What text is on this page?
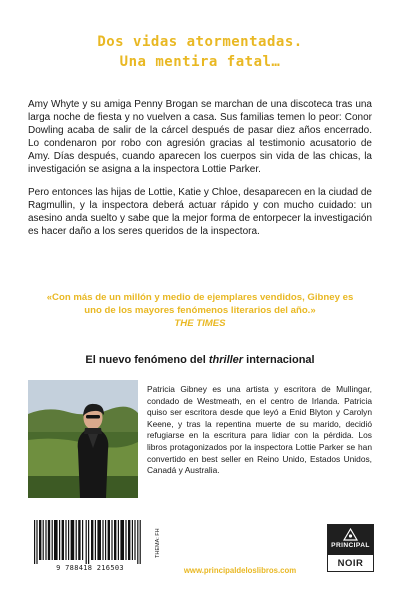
Dos vidas atormentadas.
Una mentira fatal…

Amy Whyte y su amiga Penny Brogan se marchan de una discoteca tras una larga noche de fiesta y no vuelven a casa. Sus familias temen lo peor: Conor Dowling acaba de salir de la cárcel después de pasar diez años encerrado. Lo condenaron por robo con agresión gracias al testimonio acusatorio de Amy. Días después, cuando aparecen los cuerpos sin vida de las chicas, la investigación se asigna a la inspectora Lottie Parker.

Pero entonces las hijas de Lottie, Katie y Chloe, desaparecen en la ciudad de Ragmullin, y la inspectora deberá actuar rápido y con mucho cuidado: un asesino anda suelto y sabe que la mejor forma de entorpecer la investigación es hacer daño a los seres queridos de la inspectora.

«Con más de un millón y medio de ejemplares vendidos, Gibney es uno de los mayores fenómenos literarios del año.»
THE TIMES
El nuevo fenómeno del thriller internacional
Patricia Gibney es una artista y escritora de Mullingar, condado de Westmeath, en el centro de Irlanda. Patricia quiso ser escritora desde que leyó a Enid Blyton y Carolyn Keene, y tras la repentina muerte de su marido, decidió refugiarse en la escritura para lidiar con la pérdida. Los libros protagonizados por la inspectora Lottie Parker se han convertido en best seller en Reino Unido, Estados Unidos, Canadá y Australia.
9 788418 216503
THEMA: FH
www.principaldeloslibros.com
PRINCIPAL
NOIR
